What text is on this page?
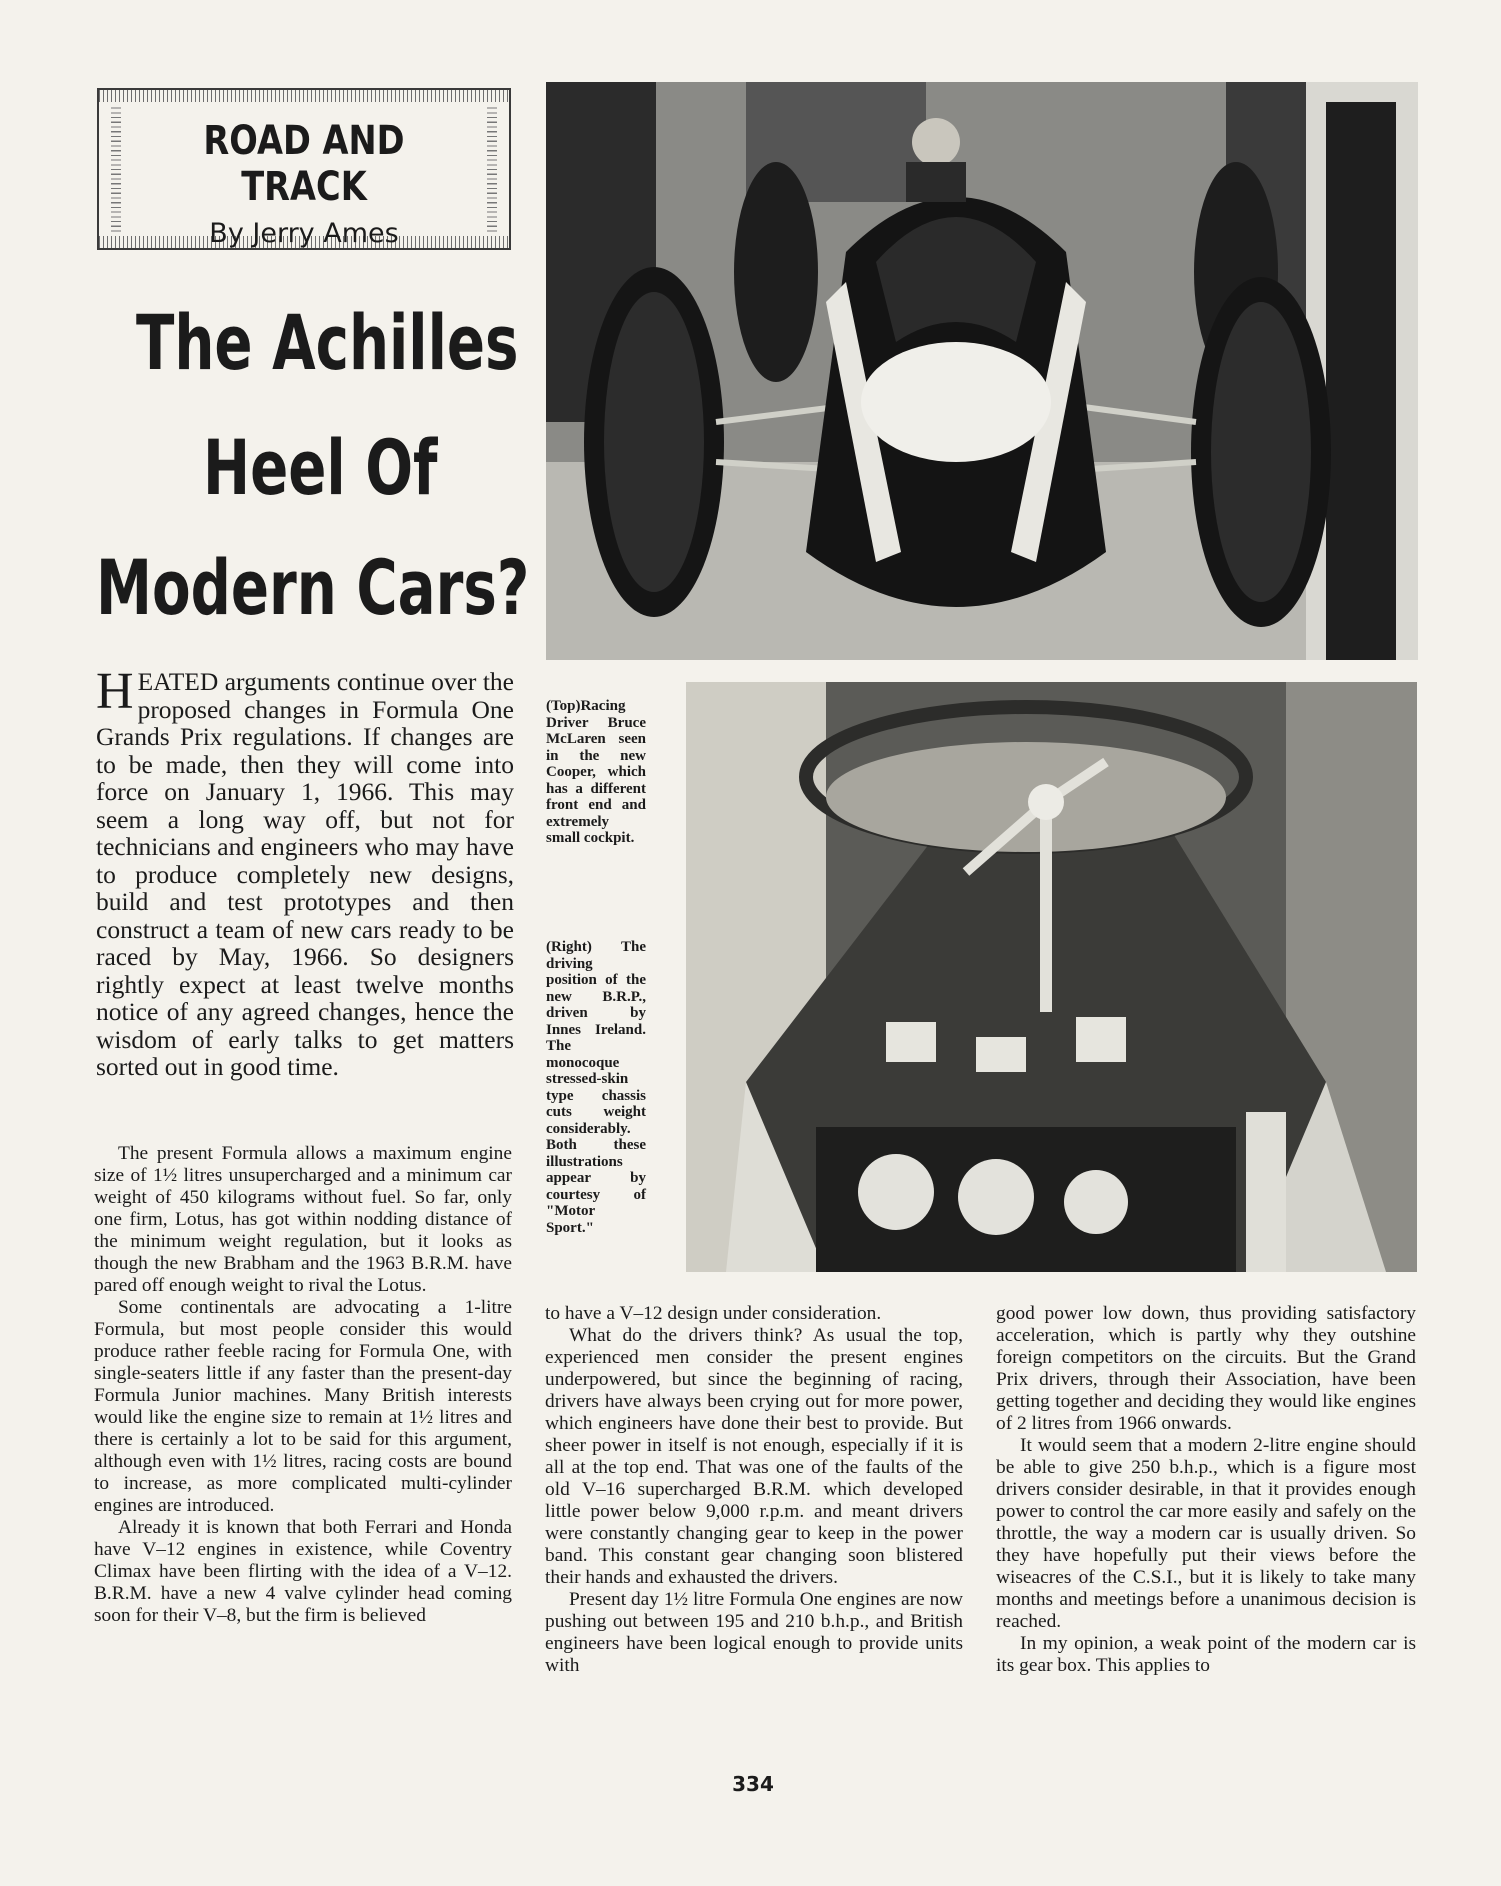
ROAD AND TRACK
By Jerry Ames
The Achilles
Heel Of
Modern Cars?
(Top)Racing Driver Bruce McLaren seen in the new Cooper, which has a different front end and extremely small cockpit.
(Right) The driving position of the new B.R.P., driven by Innes Ireland. The monocoque stressed-skin type chassis cuts weight considerably. Both these illustrations appear by courtesy of "Motor Sport."
HEATED arguments continue over the proposed changes in Formula One Grands Prix regulations. If changes are to be made, then they will come into force on January 1, 1966. This may seem a long way off, but not for technicians and engineers who may have to produce completely new designs, build and test prototypes and then construct a team of new cars ready to be raced by May, 1966. So designers rightly expect at least twelve months notice of any agreed changes, hence the wisdom of early talks to get matters sorted out in good time.

The present Formula allows a maximum engine size of 1½ litres unsupercharged and a minimum car weight of 450 kilograms without fuel. So far, only one firm, Lotus, has got within nodding distance of the minimum weight regulation, but it looks as though the new Brabham and the 1963 B.R.M. have pared off enough weight to rival the Lotus.

Some continentals are advocating a 1-litre Formula, but most people consider this would produce rather feeble racing for Formula One, with single-seaters little if any faster than the present-day Formula Junior machines. Many British interests would like the engine size to remain at 1½ litres and there is certainly a lot to be said for this argument, although even with 1½ litres, racing costs are bound to increase, as more complicated multi-cylinder engines are introduced.

Already it is known that both Ferrari and Honda have V–12 engines in existence, while Coventry Climax have been flirting with the idea of a V–12. B.R.M. have a new 4 valve cylinder head coming soon for their V–8, but the firm is believed

to have a V–12 design under consideration.

What do the drivers think? As usual the top, experienced men consider the present engines underpowered, but since the beginning of racing, drivers have always been crying out for more power, which engineers have done their best to provide. But sheer power in itself is not enough, especially if it is all at the top end. That was one of the faults of the old V–16 supercharged B.R.M. which developed little power below 9,000 r.p.m. and meant drivers were constantly changing gear to keep in the power band. This constant gear changing soon blistered their hands and exhausted the drivers.

Present day 1½ litre Formula One engines are now pushing out between 195 and 210 b.h.p., and British engineers have been logical enough to provide units with

good power low down, thus providing satisfactory acceleration, which is partly why they outshine foreign competitors on the circuits. But the Grand Prix drivers, through their Association, have been getting together and deciding they would like engines of 2 litres from 1966 onwards.

It would seem that a modern 2-litre engine should be able to give 250 b.h.p., which is a figure most drivers consider desirable, in that it provides enough power to control the car more easily and safely on the throttle, the way a modern car is usually driven. So they have hopefully put their views before the wiseacres of the C.S.I., but it is likely to take many months and meetings before a unanimous decision is reached.

In my opinion, a weak point of the modern car is its gear box. This applies to

334
